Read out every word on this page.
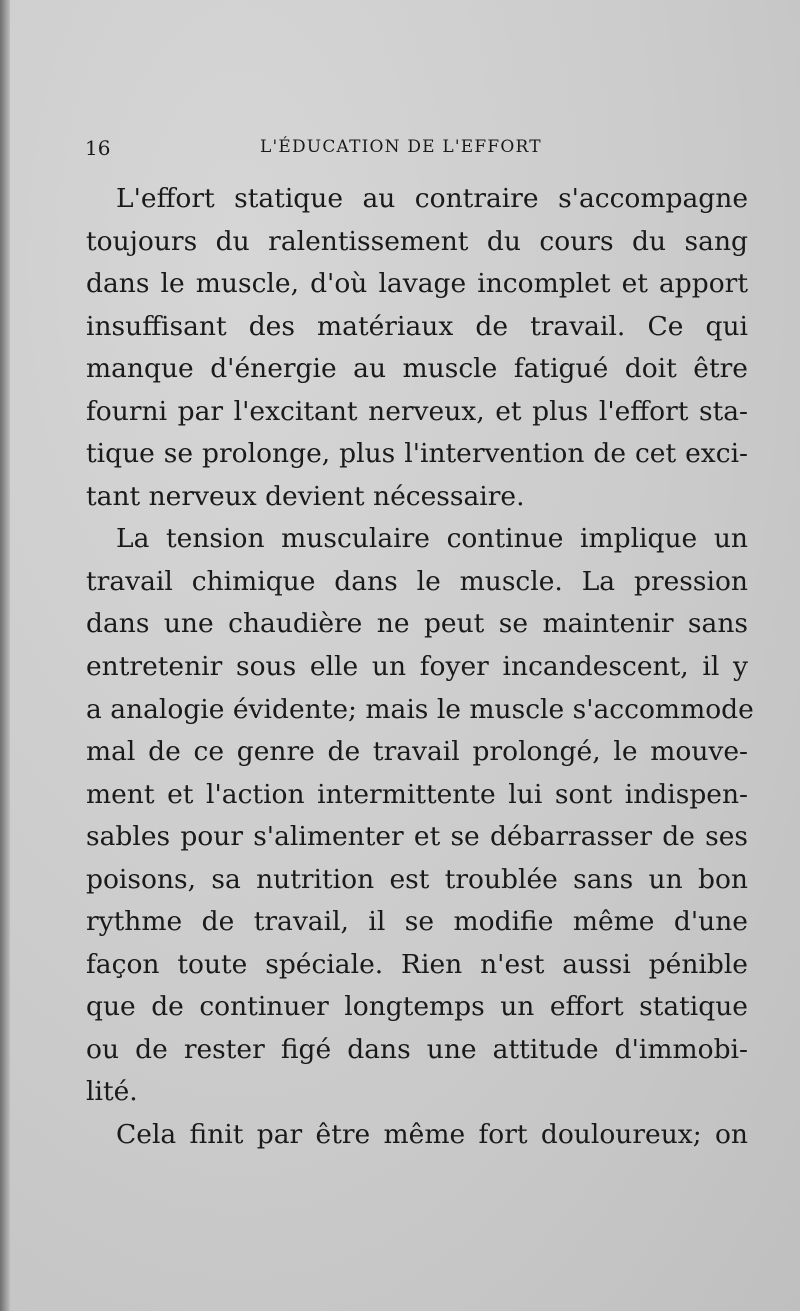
16	L'ÉDUCATION DE L'EFFORT
L'effort statique au contraire s'accompagne
toujours du ralentissement du cours du sang
dans le muscle, d'où lavage incomplet et apport
insuffisant des matériaux de travail. Ce qui
manque d'énergie au muscle fatigué doit être
fourni par l'excitant nerveux, et plus l'effort sta-
tique se prolonge, plus l'intervention de cet exci-
tant nerveux devient nécessaire.
La tension musculaire continue implique un
travail chimique dans le muscle. La pression
dans une chaudière ne peut se maintenir sans
entretenir sous elle un foyer incandescent, il y
a analogie évidente; mais le muscle s'accommode
mal de ce genre de travail prolongé, le mouve-
ment et l'action intermittente lui sont indispen-
sables pour s'alimenter et se débarrasser de ses
poisons, sa nutrition est troublée sans un bon
rythme de travail, il se modifie même d'une
façon toute spéciale. Rien n'est aussi pénible
que de continuer longtemps un effort statique
ou de rester figé dans une attitude d'immobi-
lité.
Cela finit par être même fort douloureux; on
